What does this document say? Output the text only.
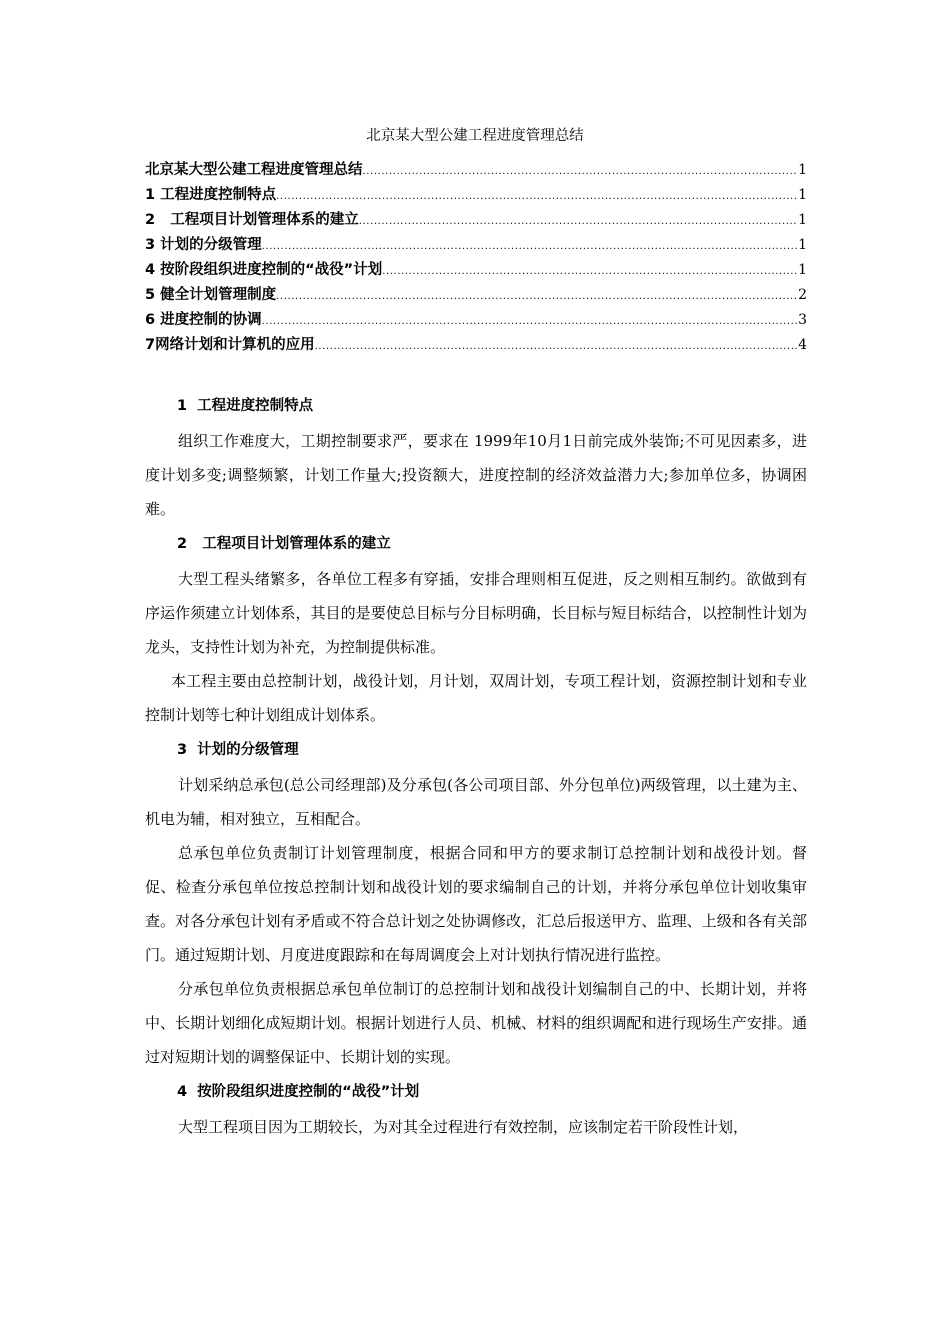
北京某大型公建工程进度管理总结
北京某大型公建工程进度管理总结 .....	1
1 工程进度控制特点 .....	1
2   工程项目计划管理体系的建立 .....	1
3 计划的分级管理 .....	1
4 按阶段组织进度控制的“战役”计划 .....	1
5 健全计划管理制度 .....	2
6 进度控制的协调 .....	3
7网络计划和计算机的应用 .....	4
1  工程进度控制特点

组织工作难度大，工期控制要求严，要求在 1999年10月1日前完成外装饰;不可见因素多，进度计划多变;调整频繁，计划工作量大;投资额大，进度控制的经济效益潜力大;参加单位多，协调困难。

2   工程项目计划管理体系的建立

大型工程头绪繁多，各单位工程多有穿插，安排合理则相互促进，反之则相互制约。欲做到有序运作须建立计划体系，其目的是要使总目标与分目标明确，长目标与短目标结合，以控制性计划为龙头，支持性计划为补充，为控制提供标准。

本工程主要由总控制计划，战役计划，月计划，双周计划，专项工程计划，资源控制计划和专业控制计划等七种计划组成计划体系。

3  计划的分级管理

计划采纳总承包(总公司经理部)及分承包(各公司项目部、外分包单位)两级管理，以土建为主、机电为辅，相对独立，互相配合。

总承包单位负责制订计划管理制度，根据合同和甲方的要求制订总控制计划和战役计划。督促、检查分承包单位按总控制计划和战役计划的要求编制自己的计划，并将分承包单位计划收集审查。对各分承包计划有矛盾或不符合总计划之处协调修改，汇总后报送甲方、监理、上级和各有关部门。通过短期计划、月度进度跟踪和在每周调度会上对计划执行情况进行监控。

分承包单位负责根据总承包单位制订的总控制计划和战役计划编制自己的中、长期计划，并将中、长期计划细化成短期计划。根据计划进行人员、机械、材料的组织调配和进行现场生产安排。通过对短期计划的调整保证中、长期计划的实现。

4  按阶段组织进度控制的“战役”计划

大型工程项目因为工期较长，为对其全过程进行有效控制，应该制定若干阶段性计划，
